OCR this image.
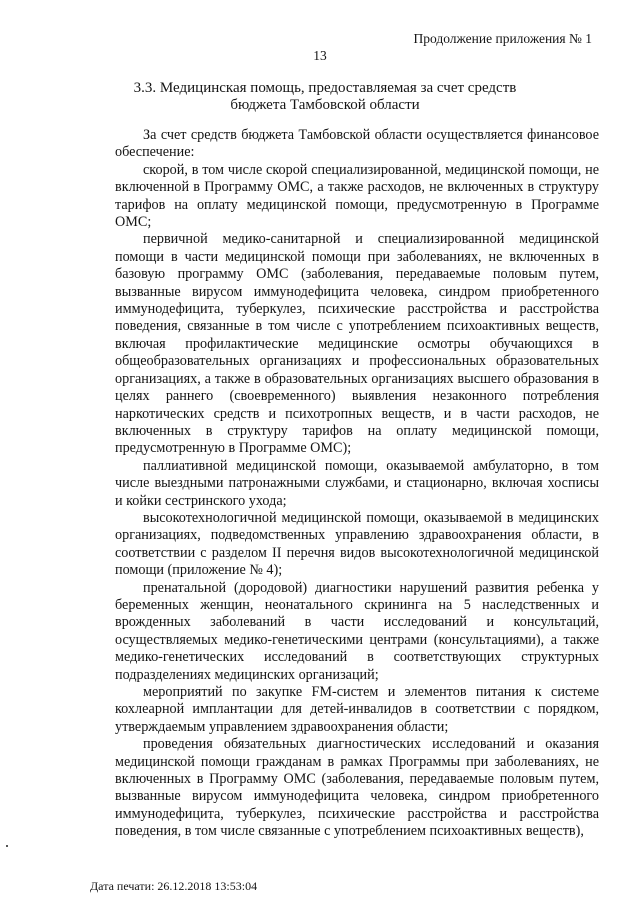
Продолжение приложения № 1
13
3.3. Медицинская помощь, предоставляемая за счет средств
бюджета Тамбовской области

За счет средств бюджета Тамбовской области осуществляется финансовое обеспечение:

скорой, в том числе скорой специализированной, медицинской помощи, не включенной в Программу ОМС, а также расходов, не включенных в структуру тарифов на оплату медицинской помощи, предусмотренную в Программе ОМС;

первичной медико-санитарной и специализированной медицинской помощи в части медицинской помощи при заболеваниях, не включенных в базовую программу ОМС (заболевания, передаваемые половым путем, вызванные вирусом иммунодефицита человека, синдром приобретенного иммунодефицита, туберкулез, психические расстройства и расстройства поведения, связанные в том числе с употреблением психоактивных веществ, включая профилактические медицинские осмотры обучающихся в общеобразовательных организациях и профессиональных образовательных организациях, а также в образовательных организациях высшего образования в целях раннего (своевременного) выявления незаконного потребления наркотических средств и психотропных веществ, и в части расходов, не включенных в структуру тарифов на оплату медицинской помощи, предусмотренную в Программе ОМС);

паллиативной медицинской помощи, оказываемой амбулаторно, в том числе выездными патронажными службами, и стационарно, включая хосписы и койки сестринского ухода;

высокотехнологичной медицинской помощи, оказываемой в медицинских организациях, подведомственных управлению здравоохранения области, в соответствии с разделом II перечня видов высокотехнологичной медицинской помощи (приложение № 4);

пренатальной (дородовой) диагностики нарушений развития ребенка у беременных женщин, неонатального скрининга на 5 наследственных и врожденных заболеваний в части исследований и консультаций, осуществляемых медико-генетическими центрами (консультациями), а также медико-генетических исследований в соответствующих структурных подразделениях медицинских организаций;

мероприятий по закупке FM-систем и элементов питания к системе кохлеарной имплантации для детей-инвалидов в соответствии с порядком, утверждаемым управлением здравоохранения области;

проведения обязательных диагностических исследований и оказания медицинской помощи гражданам в рамках Программы при заболеваниях, не включенных в Программу ОМС (заболевания, передаваемые половым путем, вызванные вирусом иммунодефицита человека, синдром приобретенного иммунодефицита, туберкулез, психические расстройства и расстройства поведения, в том числе связанные с употреблением психоактивных веществ),

Дата печати: 26.12.2018 13:53:04
